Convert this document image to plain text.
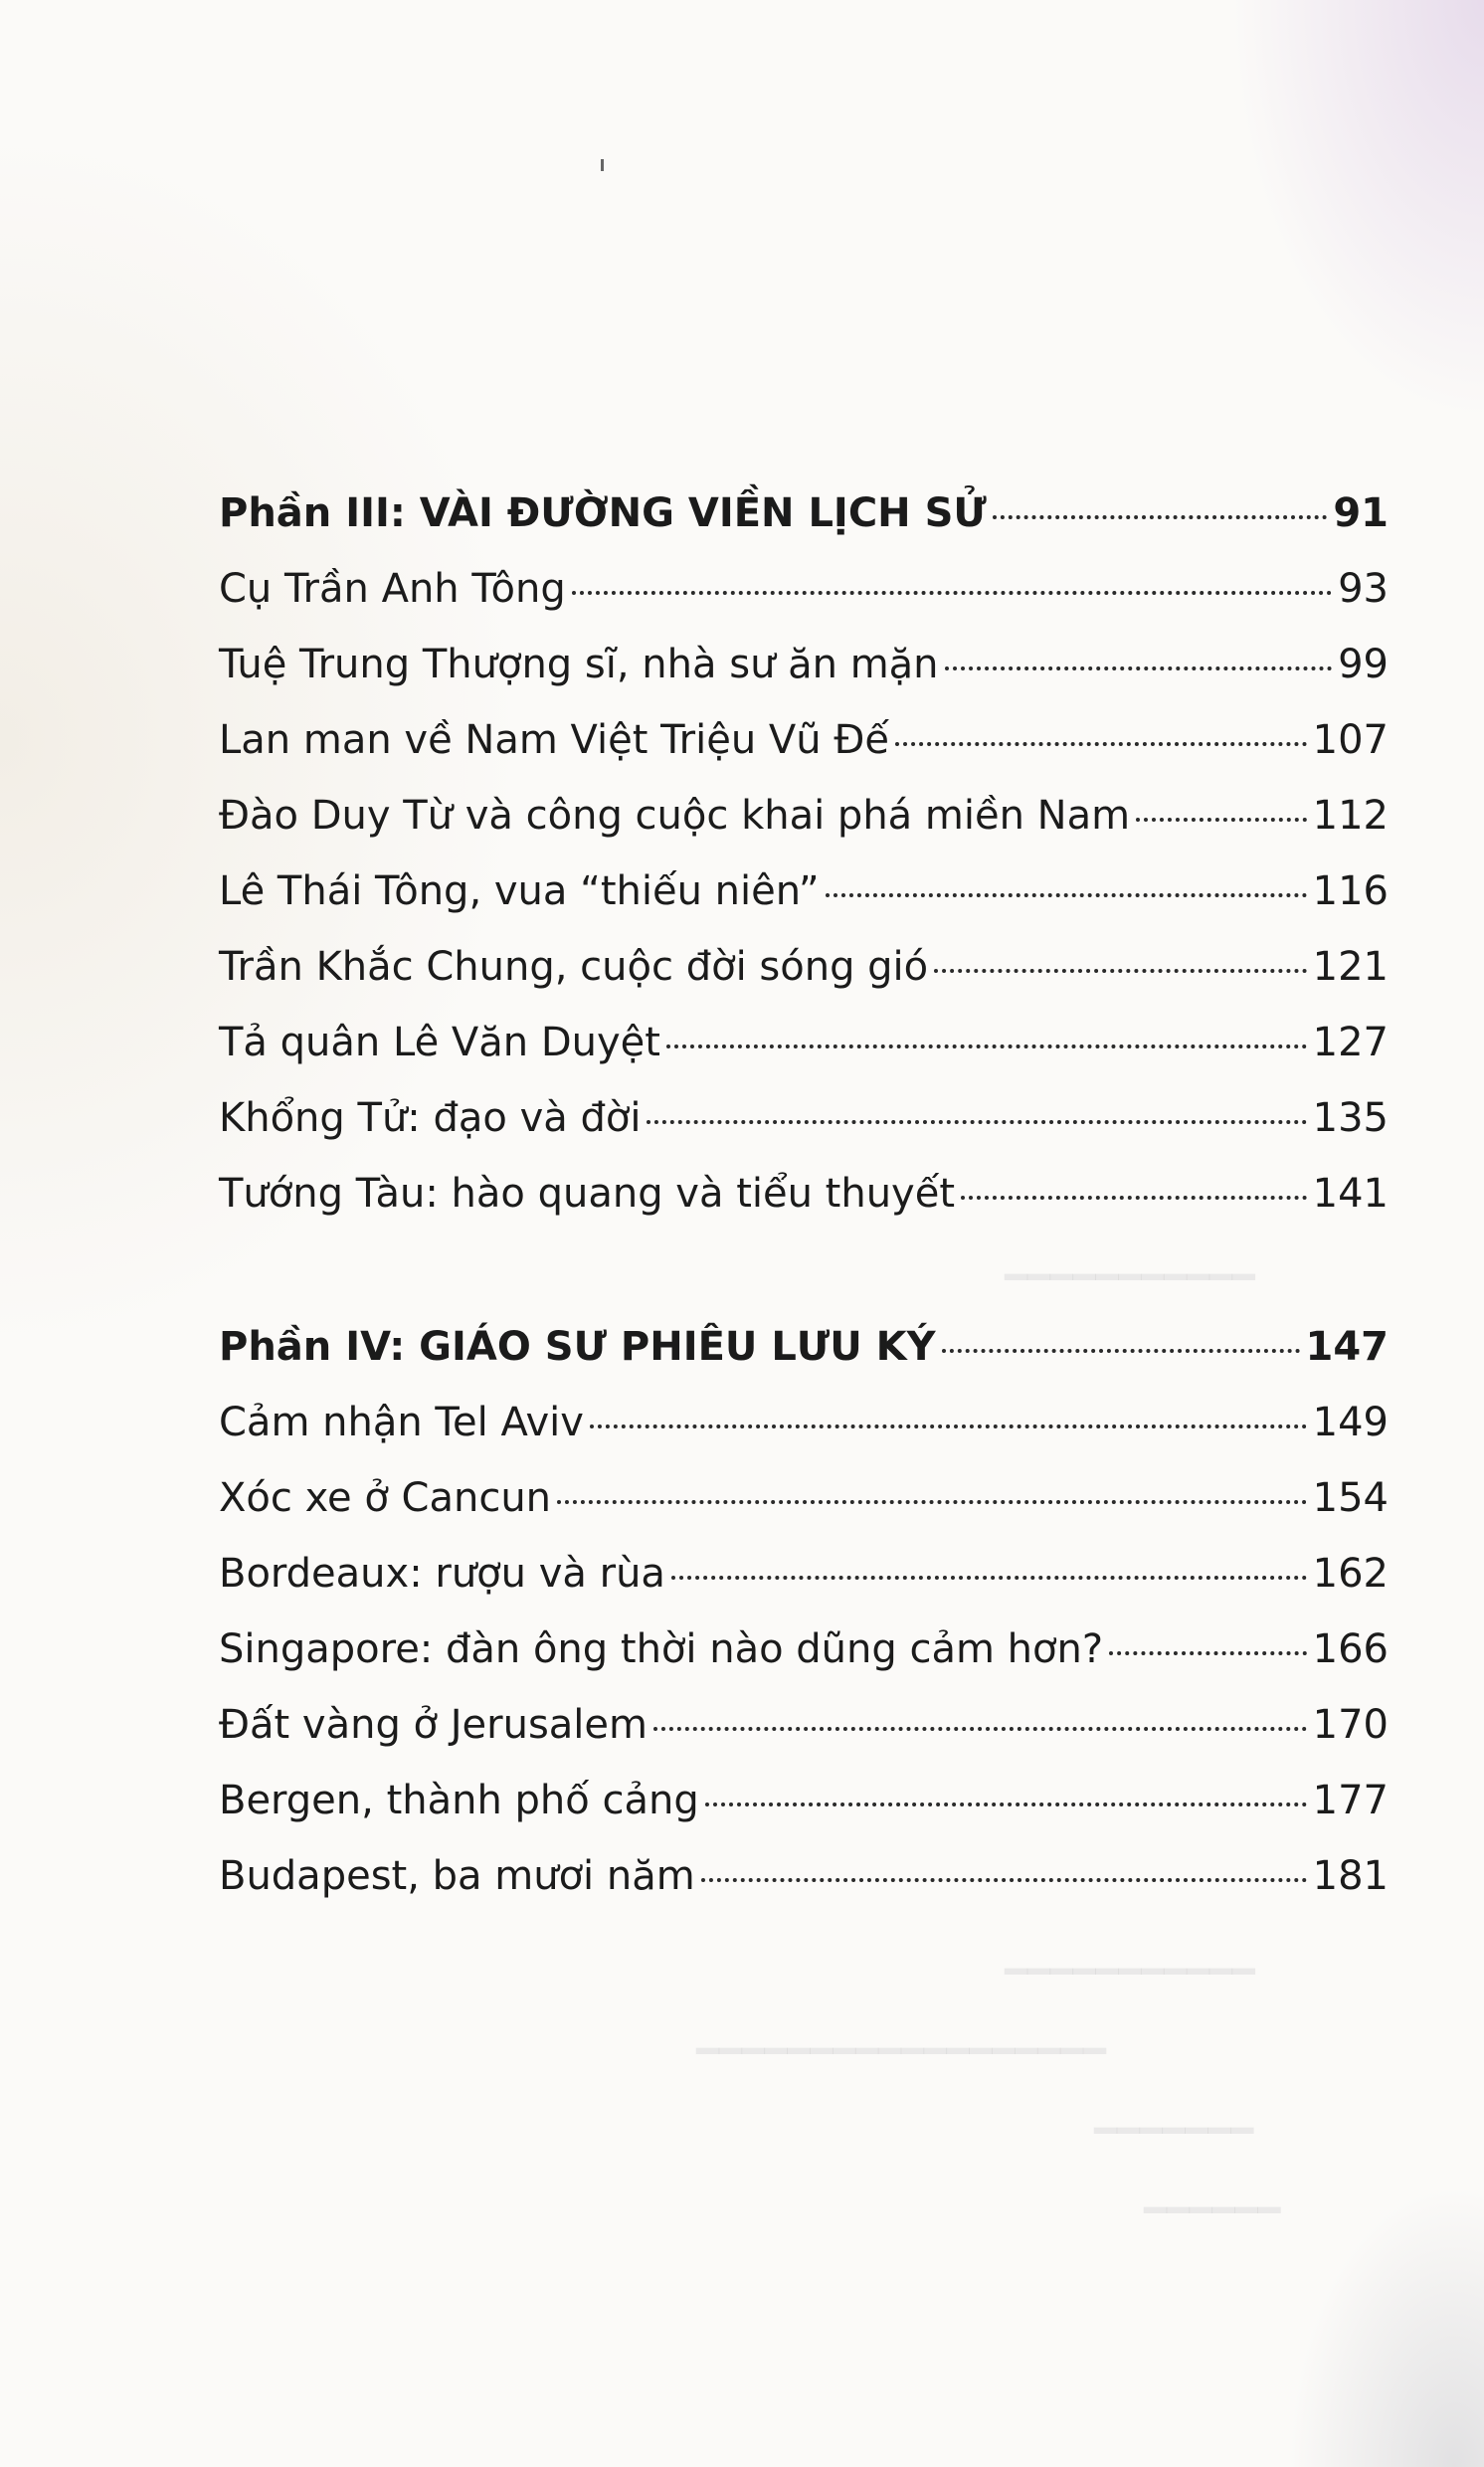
━━━━━━━━━━━
━━━━━━━━━━━
━━━━━━━━━━━━━━━━━━
━━━━━━━
━━━━━━
Phần III: VÀI ĐƯỜNG VIỀN LỊCH SỬ	91
Cụ Trần Anh Tông	93
Tuệ Trung Thượng sĩ, nhà sư ăn mặn	99
Lan man về Nam Việt Triệu Vũ Đế	107
Đào Duy Từ và công cuộc khai phá miền Nam	112
Lê Thái Tông, vua “thiếu niên”	116
Trần Khắc Chung, cuộc đời sóng gió	121
Tả quân Lê Văn Duyệt	127
Khổng Tử: đạo và đời	135
Tướng Tàu: hào quang và tiểu thuyết	141
Phần IV: GIÁO SƯ PHIÊU LƯU KÝ	147
Cảm nhận Tel Aviv	149
Xóc xe ở Cancun	154
Bordeaux: rượu và rùa	162
Singapore: đàn ông thời nào dũng cảm hơn?	166
Đất vàng ở Jerusalem	170
Bergen, thành phố cảng	177
Budapest, ba mươi năm	181
